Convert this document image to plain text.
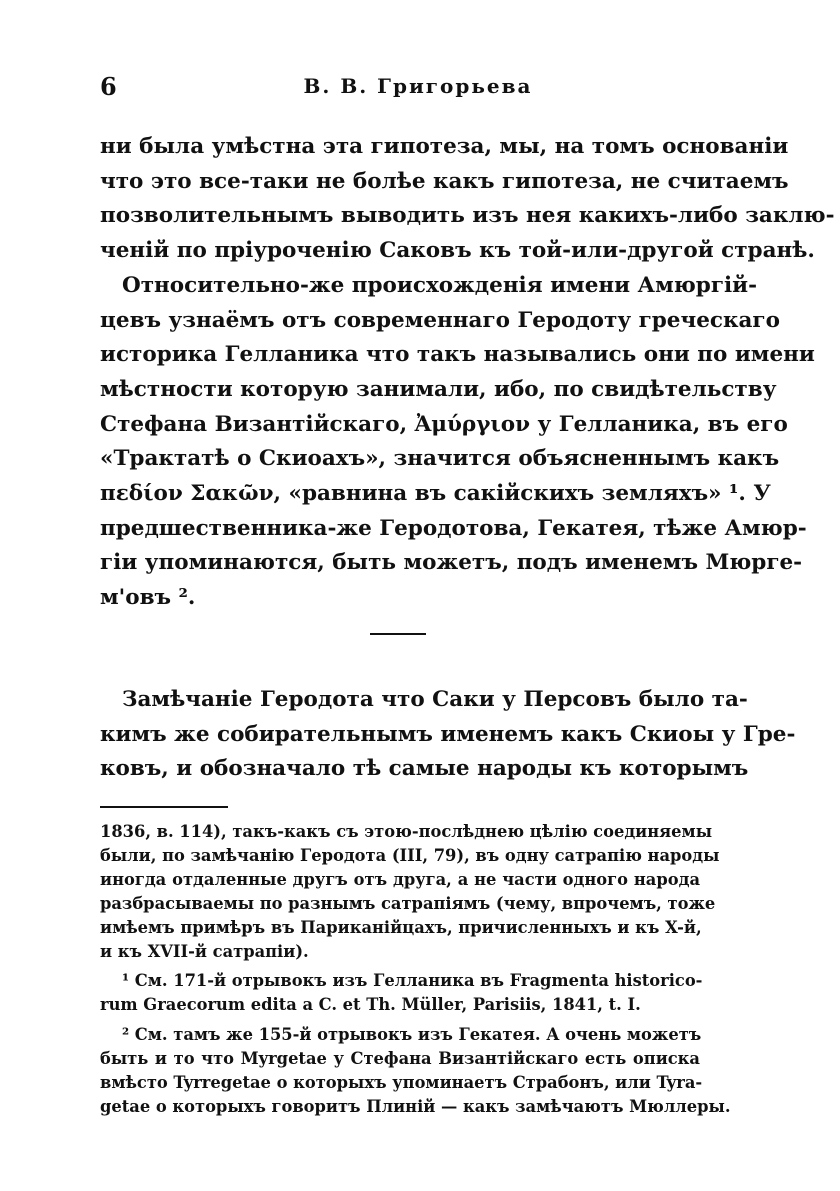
6	В. В. Григорьева
ни была умѣстна эта гипотеза, мы, на томъ основаніи
что это все-таки не болѣе какъ гипотеза, не считаемъ
позволительнымъ выводить изъ нея какихъ-либо заклю-
ченій по пріуроченію Саковъ къ той-или-другой странѣ.
Относительно-же происхожденія имени Амюргій-
цевъ узнаёмъ отъ современнаго Геродоту греческаго
историка Гелланика что такъ назывались они по имени
мѣстности которую занимали, ибо, по свидѣтельству
Стефана Византійскаго, Ἀμύργιον у Гелланика, въ его
«Трактатѣ о Скиоахъ», значится объясненнымъ какъ
πεδίον Σακῶν, «равнина въ сакійскихъ земляхъ» ¹. У
предшественника-же Геродотова, Гекатея, тѣже Амюр-
гіи упоминаются, быть можетъ, подъ именемъ Мюрге-
м'овъ ².
Замѣчаніе Геродота что Саки у Персовъ было та-
кимъ же собирательнымъ именемъ какъ Скиоы у Гре-
ковъ, и обозначало тѣ самые народы къ которымъ
1836, в. 114), такъ-какъ съ этою-послѣднею цѣлію соединяемы
были, по замѣчанію Геродота (III, 79), въ одну сатрапію народы
иногда отдаленные другъ отъ друга, а не части одного народа
разбрасываемы по разнымъ сатрапіямъ (чему, впрочемъ, тоже
имѣемъ примѣръ въ Париканійцахъ, причисленныхъ и къ X-й,
и къ XVII-й сатрапіи).
¹ См. 171-й отрывокъ изъ Гелланика въ Fragmenta historico-
rum Graecorum edita a C. et Th. Müller, Parisiis, 1841, t. I.
² См. тамъ же 155-й отрывокъ изъ Гекатея. А очень можетъ
быть и то что Myrgetae у Стефана Византійскаго есть описка
вмѣсто Tyrregetae о которыхъ упоминаетъ Страбонъ, или Tyra-
getae о которыхъ говоритъ Плиній — какъ замѣчаютъ Мюллеры.
